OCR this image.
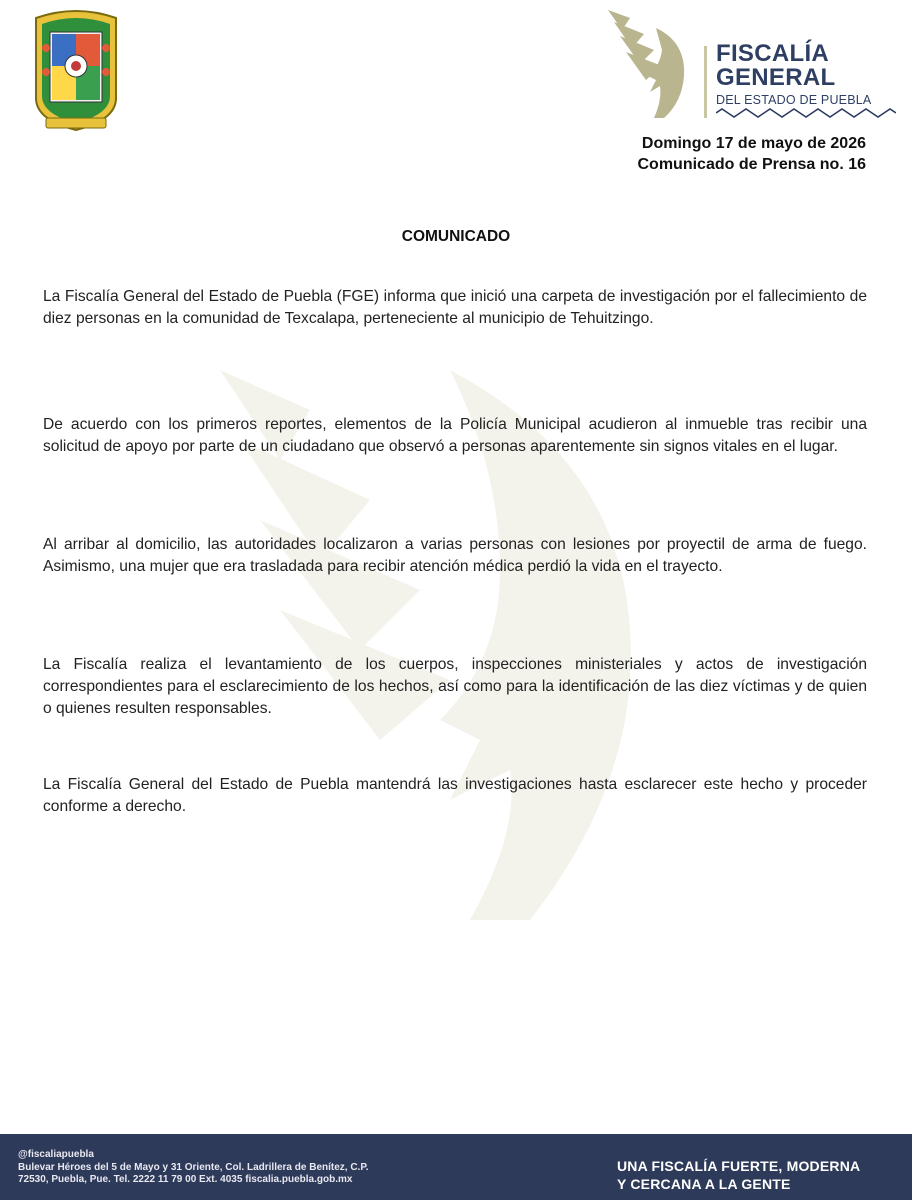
FISCALÍA
GENERAL
DEL ESTADO DE PUEBLA
Domingo 17 de mayo de 2026
Comunicado de Prensa no. 16
COMUNICADO
La Fiscalía General del Estado de Puebla (FGE) informa que inició una carpeta de investigación por el fallecimiento de diez personas en la comunidad de Texcalapa, perteneciente al municipio de Tehuitzingo.
De acuerdo con los primeros reportes, elementos de la Policía Municipal acudieron al inmueble tras recibir una solicitud de apoyo por parte de un ciudadano que observó a personas aparentemente sin signos vitales en el lugar.
Al arribar al domicilio, las autoridades localizaron a varias personas con lesiones por proyectil de arma de fuego. Asimismo, una mujer que era trasladada para recibir atención médica perdió la vida en el trayecto.
La Fiscalía realiza el levantamiento de los cuerpos, inspecciones ministeriales y actos de investigación correspondientes para el esclarecimiento de los hechos, así como para la identificación de las diez víctimas y de quien o quienes resulten responsables.
La Fiscalía General del Estado de Puebla mantendrá las investigaciones hasta esclarecer este hecho y proceder conforme a derecho.
@fiscaliapuebla
Bulevar Héroes del 5 de Mayo y 31 Oriente, Col. Ladrillera de Benítez, C.P.
72530, Puebla, Pue. Tel. 2222 11 79 00 Ext. 4035 fiscalia.puebla.gob.mx
UNA FISCALÍA FUERTE, MODERNA
Y CERCANA A LA GENTE
